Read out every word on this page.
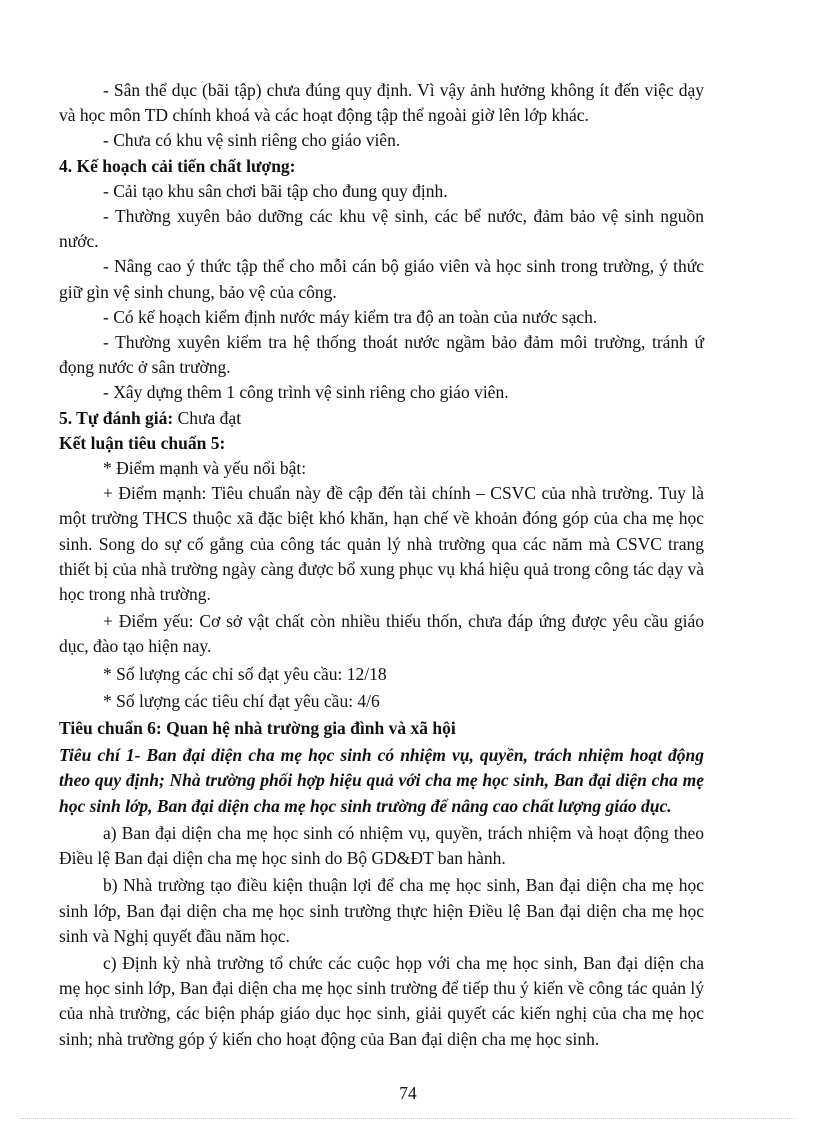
- Sân thể dục (bãi tập) chưa đúng quy định. Vì vậy ảnh hưởng không ít đến việc dạy và học môn TD chính khoá và các hoạt động tập thể ngoài giờ lên lớp khác.

- Chưa có khu vệ sinh riêng cho giáo viên.

4. Kế hoạch cải tiến chất lượng:

- Cải tạo khu sân chơi bãi tập cho đung quy định.

- Thường xuyên bảo dưỡng các khu vệ sinh, các bể nước, đảm bảo vệ sinh nguồn nước.

- Nâng cao ý thức tập thể cho mỗi cán bộ giáo viên và học sinh trong trường, ý thức giữ gìn vệ sinh chung, bảo vệ của công.

- Có kế hoạch kiểm định nước máy kiểm tra độ an toàn của nước sạch.

- Thường xuyên kiểm tra hệ thống thoát nước ngầm bảo đảm môi trường, tránh ứ đọng nước ở sân trường.

- Xây dựng thêm 1 công trình vệ sinh riêng cho giáo viên.

5. Tự đánh giá: Chưa đạt

Kết luận tiêu chuẩn 5:

* Điểm mạnh và yếu nổi bật:

+ Điểm mạnh: Tiêu chuẩn này đề cập đến tài chính – CSVC của nhà trường. Tuy là một trường THCS thuộc xã đặc biệt khó khăn, hạn chế về khoản đóng góp của cha mẹ học sinh. Song do sự cố gắng của công tác quản lý nhà trường qua các năm mà CSVC trang thiết bị của nhà trường ngày càng được bổ xung phục vụ khá hiệu quả trong công tác dạy và học trong nhà trường.

+ Điểm yếu: Cơ sở vật chất còn nhiều thiếu thốn, chưa đáp ứng được yêu cầu giáo dục, đào tạo hiện nay.

* Số lượng các chỉ số đạt yêu cầu: 12/18

* Số lượng các tiêu chí đạt yêu cầu: 4/6

Tiêu chuẩn 6: Quan hệ nhà trường gia đình và xã hội

Tiêu chí 1- Ban đại diện cha mẹ học sinh có nhiệm vụ, quyền, trách nhiệm hoạt động theo quy định; Nhà trường phối hợp hiệu quả với cha mẹ học sinh, Ban đại diện cha mẹ học sinh lớp, Ban đại diện cha mẹ học sinh trường để nâng cao chất lượng giáo dục.

a) Ban đại diện cha mẹ học sinh có nhiệm vụ, quyền, trách nhiệm và hoạt động theo Điều lệ Ban đại diện cha mẹ học sinh do Bộ GD&ĐT ban hành.

b) Nhà trường tạo điều kiện thuận lợi để cha mẹ học sinh, Ban đại diện cha mẹ học sinh lớp, Ban đại diện cha mẹ học sinh trường thực hiện Điều lệ Ban đại diện cha mẹ học sinh và Nghị quyết đầu năm học.

c) Định kỳ nhà trường tổ chức các cuộc họp với cha mẹ học sinh, Ban đại diện cha mẹ học sinh lớp, Ban đại diện cha mẹ học sinh trường để tiếp thu ý kiến về công tác quản lý của nhà trường, các biện pháp giáo dục học sinh, giải quyết các kiến nghị của cha mẹ học sinh; nhà trường góp ý kiến cho hoạt động của Ban đại diện cha mẹ học sinh.

74
